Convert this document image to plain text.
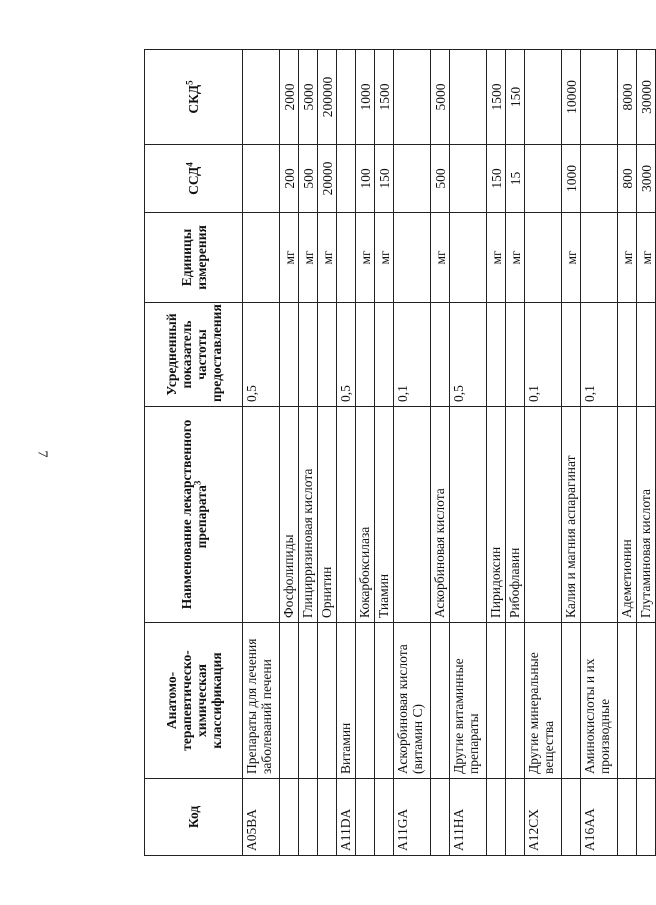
7
Код	Анатомо-терапевтическо-химическая классификация	Наименование лекарственного препарата$^3$	Усредненный показатель частоты предоставления	Единицы измерения	ССД$^4$	СКД$^5$
A05BA	Препараты для лечения заболеваний печени		0,5			
		Фосфолипиды		мг	200	2000
		Глицирризиновая кислота		мг	500	5000
		Орнитин		мг	20000	200000
A11DA	Витамин		0,5			
		Кокарбоксилаза		мг	100	1000
		Тиамин		мг	150	1500
A11GA	Аскорбиновая кислота (витамин С)		0,1			
		Аскорбиновая кислота		мг	500	5000
A11HA	Другие витаминные препараты		0,5			
		Пиридоксин		мг	150	1500
		Рибофлавин		мг	15	150
A12CX	Другие минеральные вещества		0,1			
		Калия и магния аспарагинат		мг	1000	10000
A16AA	Аминокислоты и их производные		0,1			
		Адеметионин		мг	800	8000
		Глутаминовая кислота		мг	3000	30000
